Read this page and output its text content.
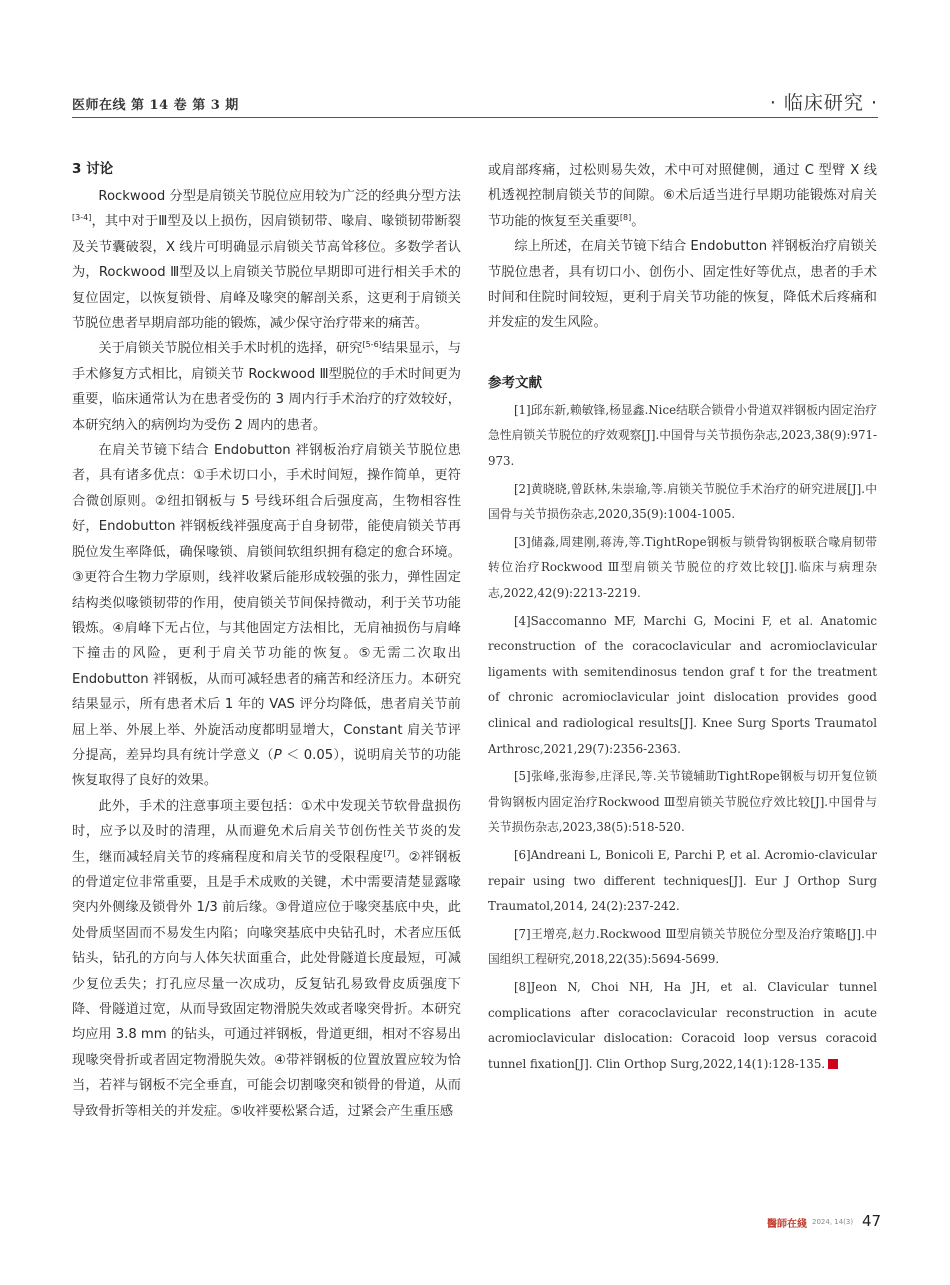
医师在线 第 14 卷 第 3 期	· 临床研究 ·
3 讨论

Rockwood 分型是肩锁关节脱位应用较为广泛的经典分型方法[3-4]，其中对于Ⅲ型及以上损伤，因肩锁韧带、喙肩、喙锁韧带断裂及关节囊破裂，X 线片可明确显示肩锁关节高耸移位。多数学者认为，Rockwood Ⅲ型及以上肩锁关节脱位早期即可进行相关手术的复位固定，以恢复锁骨、肩峰及喙突的解剖关系，这更利于肩锁关节脱位患者早期肩部功能的锻炼，减少保守治疗带来的痛苦。

关于肩锁关节脱位相关手术时机的选择，研究[5-6]结果显示，与手术修复方式相比，肩锁关节 Rockwood Ⅲ型脱位的手术时间更为重要，临床通常认为在患者受伤的 3 周内行手术治疗的疗效较好，本研究纳入的病例均为受伤 2 周内的患者。

在肩关节镜下结合 Endobutton 袢钢板治疗肩锁关节脱位患者，具有诸多优点：①手术切口小，手术时间短，操作简单，更符合微创原则。②纽扣钢板与 5 号线环组合后强度高，生物相容性好，Endobutton 袢钢板线袢强度高于自身韧带，能使肩锁关节再脱位发生率降低，确保喙锁、肩锁间软组织拥有稳定的愈合环境。③更符合生物力学原则，线袢收紧后能形成较强的张力，弹性固定结构类似喙锁韧带的作用，使肩锁关节间保持微动，利于关节功能锻炼。④肩峰下无占位，与其他固定方法相比，无肩袖损伤与肩峰下撞击的风险，更利于肩关节功能的恢复。⑤无需二次取出 Endobutton 袢钢板，从而可减轻患者的痛苦和经济压力。本研究结果显示，所有患者术后 1 年的 VAS 评分均降低，患者肩关节前屈上举、外展上举、外旋活动度都明显增大，Constant 肩关节评分提高，差异均具有统计学意义（P ＜ 0.05），说明肩关节的功能恢复取得了良好的效果。

此外，手术的注意事项主要包括：①术中发现关节软骨盘损伤时，应予以及时的清理，从而避免术后肩关节创伤性关节炎的发生，继而减轻肩关节的疼痛程度和肩关节的受限程度[7]。②袢钢板的骨道定位非常重要，且是手术成败的关键，术中需要清楚显露喙突内外侧缘及锁骨外 1/3 前后缘。③骨道应位于喙突基底中央，此处骨质坚固而不易发生内陷；向喙突基底中央钻孔时，术者应压低钻头，钻孔的方向与人体矢状面重合，此处骨隧道长度最短，可减少复位丢失；打孔应尽量一次成功，反复钻孔易致骨皮质强度下降、骨隧道过宽，从而导致固定物滑脱失效或者喙突骨折。本研究均应用 3.8 mm 的钻头，可通过袢钢板，骨道更细，相对不容易出现喙突骨折或者固定物滑脱失效。④带袢钢板的位置放置应较为恰当，若袢与钢板不完全垂直，可能会切割喙突和锁骨的骨道，从而导致骨折等相关的并发症。⑤收袢要松紧合适，过紧会产生重压感

或肩部疼痛，过松则易失效，术中可对照健侧，通过 C 型臂 X 线机透视控制肩锁关节的间隙。⑥术后适当进行早期功能锻炼对肩关节功能的恢复至关重要[8]。

综上所述，在肩关节镜下结合 Endobutton 袢钢板治疗肩锁关节脱位患者，具有切口小、创伤小、固定性好等优点，患者的手术时间和住院时间较短，更利于肩关节功能的恢复，降低术后疼痛和并发症的发生风险。

参考文献

[1]邱东新,赖敏锋,杨显鑫.Nice结联合锁骨小骨道双袢钢板内固定治疗急性肩锁关节脱位的疗效观察[J].中国骨与关节损伤杂志,2023,38(9):971-973.

[2]黄晓晓,曾跃林,朱崇瑜,等.肩锁关节脱位手术治疗的研究进展[J].中国骨与关节损伤杂志,2020,35(9):1004-1005.

[3]储淼,周建刚,蒋涛,等.TightRope钢板与锁骨钩钢板联合喙肩韧带转位治疗Rockwood Ⅲ型肩锁关节脱位的疗效比较[J].临床与病理杂志,2022,42(9):2213-2219.

[4]Saccomanno MF, Marchi G, Mocini F, et al. Anatomic reconstruction of the coracoclavicular and acromioclavicular ligaments with semitendinosus tendon graf t for the treatment of chronic acromioclavicular joint dislocation provides good clinical and radiological results[J]. Knee Surg Sports Traumatol Arthrosc,2021,29(7):2356-2363.

[5]张峰,张海参,庄泽民,等.关节镜辅助TightRope钢板与切开复位锁骨钩钢板内固定治疗Rockwood Ⅲ型肩锁关节脱位疗效比较[J].中国骨与关节损伤杂志,2023,38(5):518-520.

[6]Andreani L, Bonicoli E, Parchi P, et al. Acromio-clavicular repair using two different techniques[J]. Eur J Orthop Surg Traumatol,2014, 24(2):237-242.

[7]王增亮,赵力.Rockwood Ⅲ型肩锁关节脱位分型及治疗策略[J].中国组织工程研究,2018,22(35):5694-5699.

[8]Jeon N, Choi NH, Ha JH, et al. Clavicular tunnel complications after coracoclavicular reconstruction in acute acromioclavicular dislocation: Coracoid loop versus coracoid tunnel fixation[J]. Clin Orthop Surg,2022,14(1):128-135.

醫師在綫 2024, 14(3) 47
